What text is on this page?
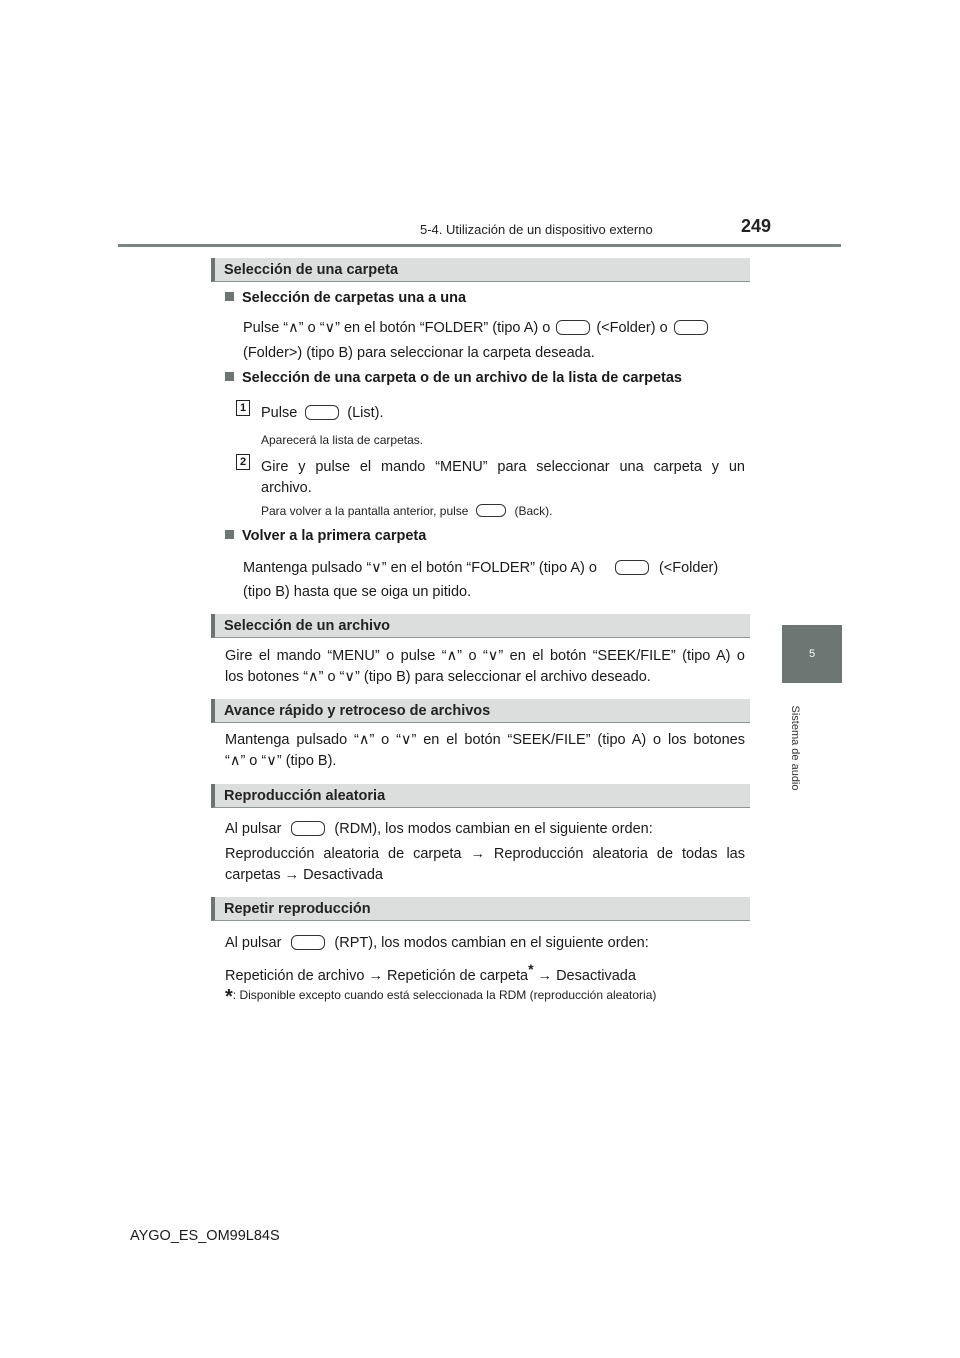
5-4. Utilización de un dispositivo externo	249
5
Sistema de audio
Selección de una carpeta
Selección de carpetas una a una
Pulse “∧” o “∨” en el botón “FOLDER” (tipo A) o	(<Folder) o
(Folder>) (tipo B) para seleccionar la carpeta deseada.
Selección de una carpeta o de un archivo de la lista de carpetas
1 Pulse	(List).
Aparecerá la lista de carpetas.
2 Gire y pulse el mando “MENU” para seleccionar una carpeta y un
archivo.
Para volver a la pantalla anterior, pulse	(Back).
Volver a la primera carpeta
Mantenga pulsado “∨” en el botón “FOLDER” (tipo A) o	(<Folder)
(tipo B) hasta que se oiga un pitido.
Selección de un archivo
Gire el mando “MENU” o pulse “∧” o “∨” en el botón “SEEK/FILE” (tipo A) o
los botones “∧” o “∨” (tipo B) para seleccionar el archivo deseado.
Avance rápido y retroceso de archivos
Mantenga pulsado “∧” o “∨” en el botón “SEEK/FILE” (tipo A) o los botones
“∧” o “∨” (tipo B).
Reproducción aleatoria
Al pulsar	(RDM), los modos cambian en el siguiente orden:
Reproducción aleatoria de carpeta → Reproducción aleatoria de todas las
carpetas → Desactivada
Repetir reproducción
Al pulsar	(RPT), los modos cambian en el siguiente orden:
Repetición de archivo → Repetición de carpeta* → Desactivada
*: Disponible excepto cuando está seleccionada la RDM (reproducción aleatoria)
AYGO_ES_OM99L84S
